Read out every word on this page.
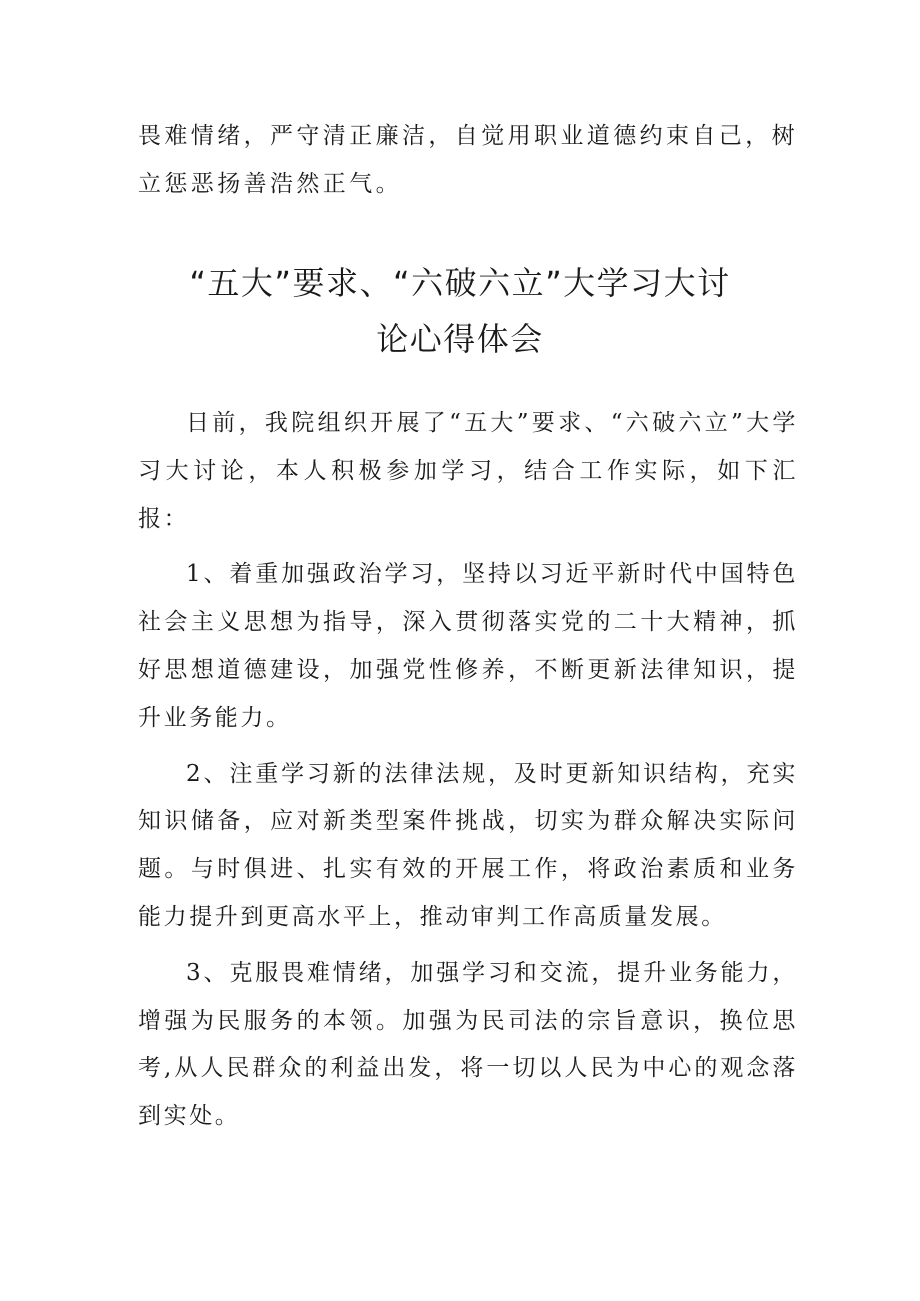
畏难情绪，严守清正廉洁，自觉用职业道德约束自己，树立惩恶扬善浩然正气。
“五大”要求、“六破六立”大学习大讨
论心得体会

日前，我院组织开展了“五大”要求、“六破六立”大学习大讨论，本人积极参加学习，结合工作实际，如下汇报：

1、着重加强政治学习，坚持以习近平新时代中国特色社会主义思想为指导，深入贯彻落实党的二十大精神，抓好思想道德建设，加强党性修养，不断更新法律知识，提升业务能力。

2、注重学习新的法律法规，及时更新知识结构，充实知识储备，应对新类型案件挑战，切实为群众解决实际问题。与时俱进、扎实有效的开展工作，将政治素质和业务能力提升到更高水平上，推动审判工作高质量发展。

3、克服畏难情绪，加强学习和交流，提升业务能力，增强为民服务的本领。加强为民司法的宗旨意识，换位思考,从人民群众的利益出发，将一切以人民为中心的观念落到实处。
